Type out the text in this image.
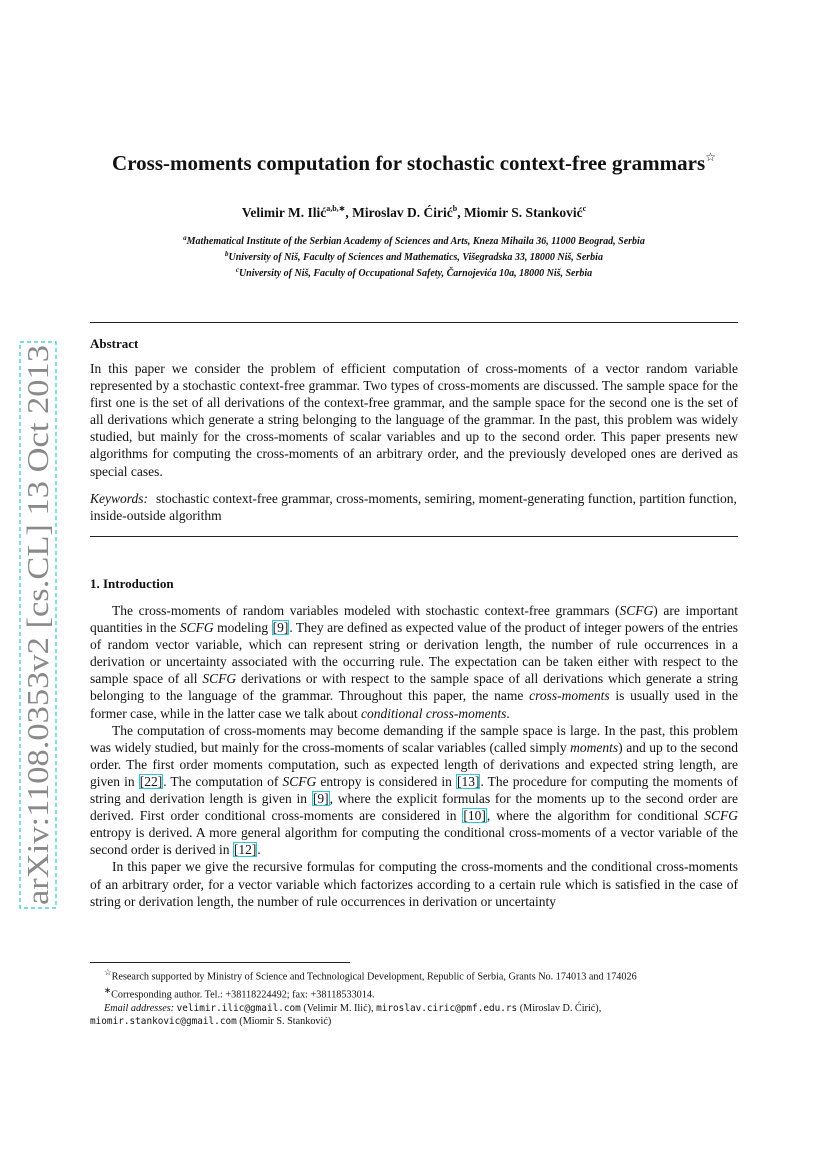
arXiv:1108.0353v2 [cs.CL] 13 Oct 2013
Cross-moments computation for stochastic context-free grammars☆
Velimir M. Ilić$^{a,b,∗}$, Miroslav D. Ćirić$^b$, Miomir S. Stanković$^c$
$^a$Mathematical Institute of the Serbian Academy of Sciences and Arts, Kneza Mihaila 36, 11000 Beograd, Serbia
$^b$University of Niš, Faculty of Sciences and Mathematics, Višegradska 33, 18000 Niš, Serbia
$^c$University of Niš, Faculty of Occupational Safety, Čarnojevića 10a, 18000 Niš, Serbia
Abstract
In this paper we consider the problem of efficient computation of cross-moments of a vector random variable represented by a stochastic context-free grammar. Two types of cross-moments are discussed. The sample space for the first one is the set of all derivations of the context-free grammar, and the sample space for the second one is the set of all derivations which generate a string belonging to the language of the grammar. In the past, this problem was widely studied, but mainly for the cross-moments of scalar variables and up to the second order. This paper presents new algorithms for computing the cross-moments of an arbitrary order, and the previously developed ones are derived as special cases.
Keywords: stochastic context-free grammar, cross-moments, semiring, moment-generating function, partition function, inside-outside algorithm
1. Introduction

The cross-moments of random variables modeled with stochastic context-free grammars (SCFG) are important quantities in the SCFG modeling [9]. They are defined as expected value of the product of integer powers of the entries of random vector variable, which can represent string or derivation length, the number of rule occurrences in a derivation or uncertainty associated with the occurring rule. The expectation can be taken either with respect to the sample space of all SCFG derivations or with respect to the sample space of all derivations which generate a string belonging to the language of the grammar. Throughout this paper, the name cross-moments is usually used in the former case, while in the latter case we talk about conditional cross-moments.

The computation of cross-moments may become demanding if the sample space is large. In the past, this problem was widely studied, but mainly for the cross-moments of scalar variables (called simply moments) and up to the second order. The first order moments computation, such as expected length of derivations and expected string length, are given in [22]. The computation of SCFG entropy is considered in [13]. The procedure for computing the moments of string and derivation length is given in [9], where the explicit formulas for the moments up to the second order are derived. First order conditional cross-moments are considered in [10], where the algorithm for conditional SCFG entropy is derived. A more general algorithm for computing the conditional cross-moments of a vector variable of the second order is derived in [12].

In this paper we give the recursive formulas for computing the cross-moments and the conditional cross-moments of an arbitrary order, for a vector variable which factorizes according to a certain rule which is satisfied in the case of string or derivation length, the number of rule occurrences in derivation or uncertainty

☆Research supported by Ministry of Science and Technological Development, Republic of Serbia, Grants No. 174013 and 174026
∗Corresponding author. Tel.: +38118224492; fax: +38118533014.
Email addresses: velimir.ilic@gmail.com (Velimir M. Ilić), miroslav.ciric@pmf.edu.rs (Miroslav D. Ćirić),
miomir.stankovic@gmail.com (Miomir S. Stanković)
